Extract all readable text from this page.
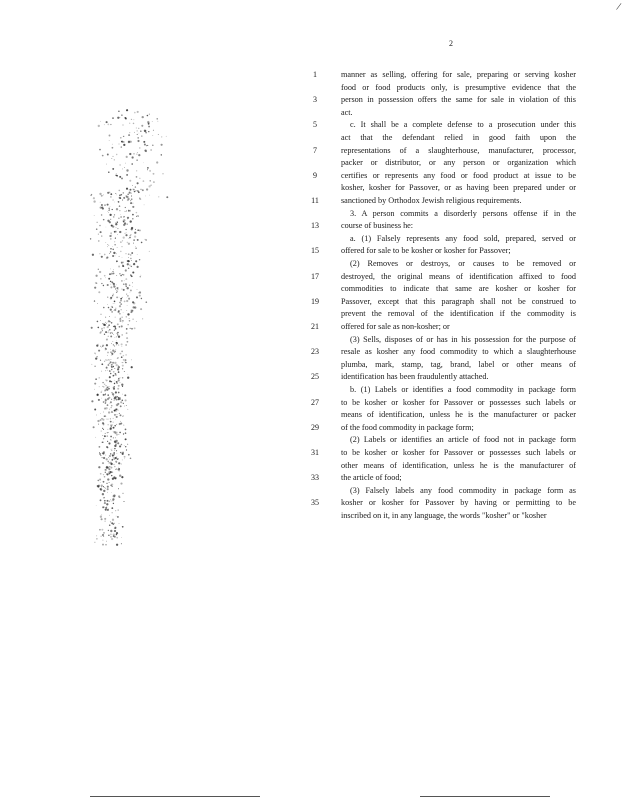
/
2
1
3
5
7
9
11
13
15
17
19
21
23
25
27
29
31
33
35
manner as selling, offering for sale, preparing or serving kosher
food or food products only, is presumptive evidence that the
person in possession offers the same for sale in violation of this
act.
c. It shall be a complete defense to a prosecution under this
act that the defendant relied in good faith upon the
representations of a slaughterhouse, manufacturer, processor,
packer or distributor, or any person or organization which
certifies or represents any food or food product at issue to be
kosher, kosher for Passover, or as having been prepared under or
sanctioned by Orthodox Jewish religious requirements.
3. A person commits a disorderly persons offense if in the
course of business he:
a. (1) Falsely represents any food sold, prepared, served or
offered for sale to be kosher or kosher for Passover;
(2) Removes or destroys, or causes to be removed or
destroyed, the original means of identification affixed to food
commodities to indicate that same are kosher or kosher for
Passover, except that this paragraph shall not be construed to
prevent the removal of the identification if the commodity is
offered for sale as non-kosher; or
(3) Sells, disposes of or has in his possession for the purpose of
resale as kosher any food commodity to which a slaughterhouse
plumba, mark, stamp, tag, brand, label or other means of
identification has been fraudulently attached.
b. (1) Labels or identifies a food commodity in package form
to be kosher or kosher for Passover or possesses such labels or
means of identification, unless he is the manufacturer or packer
of the food commodity in package form;
(2) Labels or identifies an article of food not in package form
to be kosher or kosher for Passover or possesses such labels or
other means of identification, unless he is the manufacturer of
the article of food;
(3) Falsely labels any food commodity in package form as
kosher or kosher for Passover by having or permitting to be
inscribed on it, in any language, the words "kosher" or "kosher
